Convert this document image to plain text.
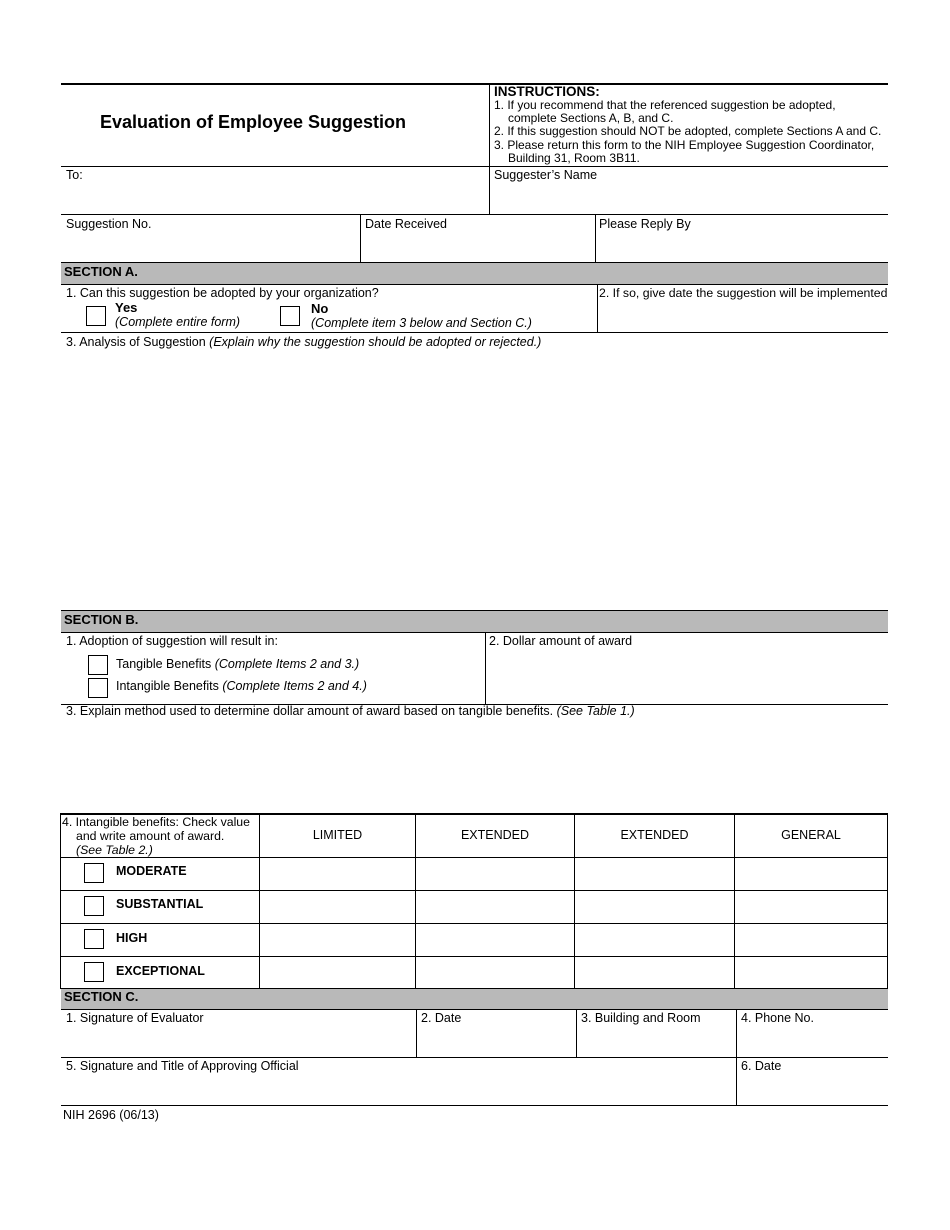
Evaluation of Employee Suggestion
INSTRUCTIONS:
1. If you recommend that the referenced suggestion be adopted,
complete Sections A, B, and C.
2. If this suggestion should NOT be adopted, complete Sections A and C.
3. Please return this form to the NIH Employee Suggestion Coordinator,
Building 31, Room 3B11.
To:	Suggester’s Name
Suggestion No.	Date Received	Please Reply By
SECTION A.
1. Can this suggestion be adopted by your organization?
Yes
(Complete entire form)
No
(Complete item 3 below and Section C.)
2. If so, give date the suggestion will be implemented
3. Analysis of Suggestion (Explain why the suggestion should be adopted or rejected.)
SECTION B.
1. Adoption of suggestion will result in:
Tangible Benefits (Complete Items 2 and 3.)
Intangible Benefits (Complete Items 2 and 4.)
2. Dollar amount of award
3. Explain method used to determine dollar amount of award based on tangible benefits. (See Table 1.)
4. Intangible benefits: Check value
and write amount of award.
(See Table 2.)
LIMITED	EXTENDED	EXTENDED	GENERAL
MODERATE
SUBSTANTIAL
HIGH
EXCEPTIONAL
SECTION C.
1. Signature of Evaluator	2. Date	3. Building and Room	4. Phone No.
5. Signature and Title of Approving Official	6. Date
NIH 2696 (06/13)
